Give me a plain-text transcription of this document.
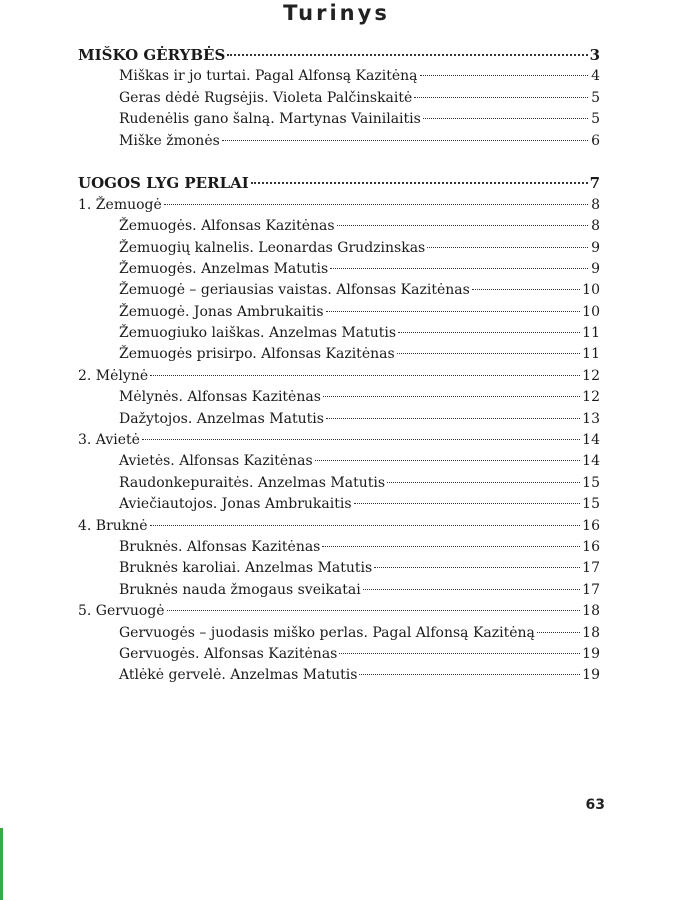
Turinys
MIŠKO GĖRYBĖS	3
Miškas ir jo turtai. Pagal Alfonsą Kazitėną	4
Geras dėdė Rugsėjis. Violeta Palčinskaitė	5
Rudenėlis gano šalną. Martynas Vainilaitis	5
Miške žmonės	6
UOGOS LYG PERLAI	7
1. Žemuogė	8
Žemuogės. Alfonsas Kazitėnas	8
Žemuogių kalnelis. Leonardas Grudzinskas	9
Žemuogės. Anzelmas Matutis	9
Žemuogė – geriausias vaistas. Alfonsas Kazitėnas	10
Žemuogė. Jonas Ambrukaitis	10
Žemuogiuko laiškas. Anzelmas Matutis	11
Žemuogės prisirpo. Alfonsas Kazitėnas	11
2. Mėlynė	12
Mėlynės. Alfonsas Kazitėnas	12
Dažytojos. Anzelmas Matutis	13
3. Avietė	14
Avietės. Alfonsas Kazitėnas	14
Raudonkepuraitės. Anzelmas Matutis	15
Aviečiautojos. Jonas Ambrukaitis	15
4. Bruknė	16
Bruknės. Alfonsas Kazitėnas	16
Bruknės karoliai. Anzelmas Matutis	17
Bruknės nauda žmogaus sveikatai	17
5. Gervuogė	18
Gervuogės – juodasis miško perlas. Pagal Alfonsą Kazitėną	18
Gervuogės. Alfonsas Kazitėnas	19
Atlėkė gervelė. Anzelmas Matutis	19
63
